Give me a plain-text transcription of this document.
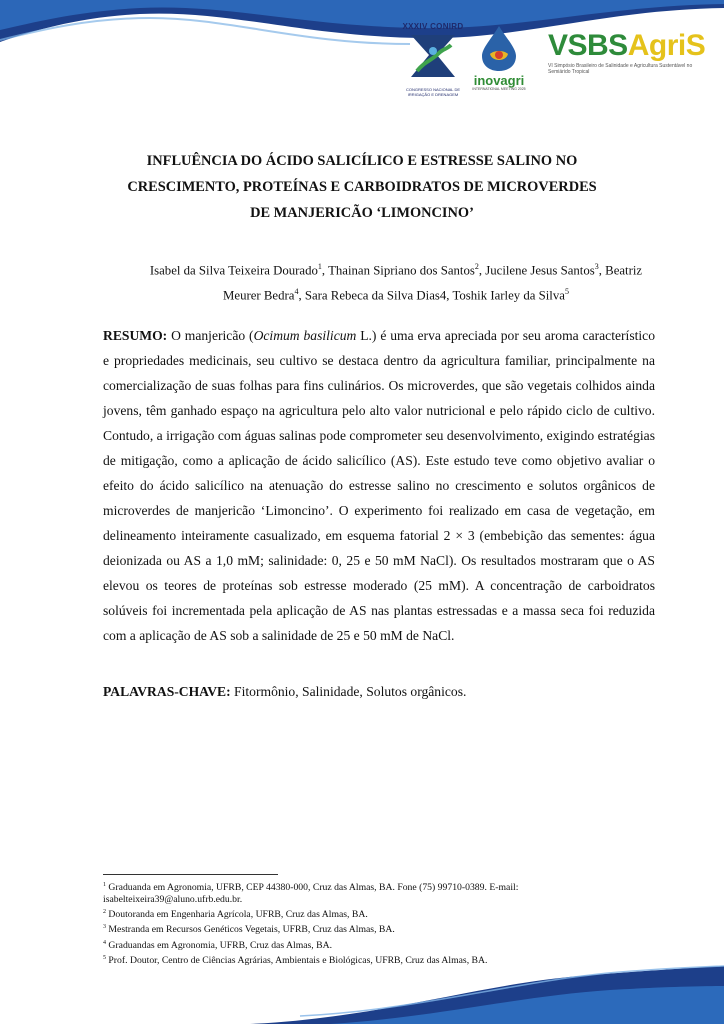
XXXIV CONIRD
CONGRESSO NACIONAL DE IRRIGAÇÃO E DRENAGEM
inovagri
INTERNATIONAL MEETING 2025
VSBSAgriS
VI Simpósio Brasileiro de Salinidade e Agricultura Sustentável no Semiárido Tropical
INFLUÊNCIA DO ÁCIDO SALICÍLICO E ESTRESSE SALINO NO CRESCIMENTO, PROTEÍNAS E CARBOIDRATOS DE MICROVERDES DE MANJERICÃO ‘LIMONCINO’
Isabel da Silva Teixeira Dourado$^1$, Thainan Sipriano dos Santos$^2$, Jucilene Jesus Santos$^3$, Beatriz Meurer Bedra$^4$, Sara Rebeca da Silva Dias4, Toshik Iarley da Silva$^5$
RESUMO: O manjericão (Ocimum basilicum L.) é uma erva apreciada por seu aroma característico e propriedades medicinais, seu cultivo se destaca dentro da agricultura familiar, principalmente na comercialização de suas folhas para fins culinários. Os microverdes, que são vegetais colhidos ainda jovens, têm ganhado espaço na agricultura pelo alto valor nutricional e pelo rápido ciclo de cultivo. Contudo, a irrigação com águas salinas pode comprometer seu desenvolvimento, exigindo estratégias de mitigação, como a aplicação de ácido salicílico (AS). Este estudo teve como objetivo avaliar o efeito do ácido salicílico na atenuação do estresse salino no crescimento e solutos orgânicos de microverdes de manjericão ‘Limoncino’. O experimento foi realizado em casa de vegetação, em delineamento inteiramente casualizado, em esquema fatorial 2 × 3 (embebição das sementes: água deionizada ou AS a 1,0 mM; salinidade: 0, 25 e 50 mM NaCl). Os resultados mostraram que o AS elevou os teores de proteínas sob estresse moderado (25 mM). A concentração de carboidratos solúveis foi incrementada pela aplicação de AS nas plantas estressadas e a massa seca foi reduzida com a aplicação de AS sob a salinidade de 25 e 50 mM de NaCl.
PALAVRAS-CHAVE: Fitormônio, Salinidade, Solutos orgânicos.

$^1$ Graduanda em Agronomia, UFRB, CEP 44380-000, Cruz das Almas, BA. Fone (75) 99710-0389. E-mail: isabelteixeira39@aluno.ufrb.edu.br.

$^2$ Doutoranda em Engenharia Agrícola, UFRB, Cruz das Almas, BA.

$^3$ Mestranda em Recursos Genéticos Vegetais, UFRB, Cruz das Almas, BA.

$^4$ Graduandas em Agronomia, UFRB, Cruz das Almas, BA.

$^5$ Prof. Doutor, Centro de Ciências Agrárias, Ambientais e Biológicas, UFRB, Cruz das Almas, BA.
